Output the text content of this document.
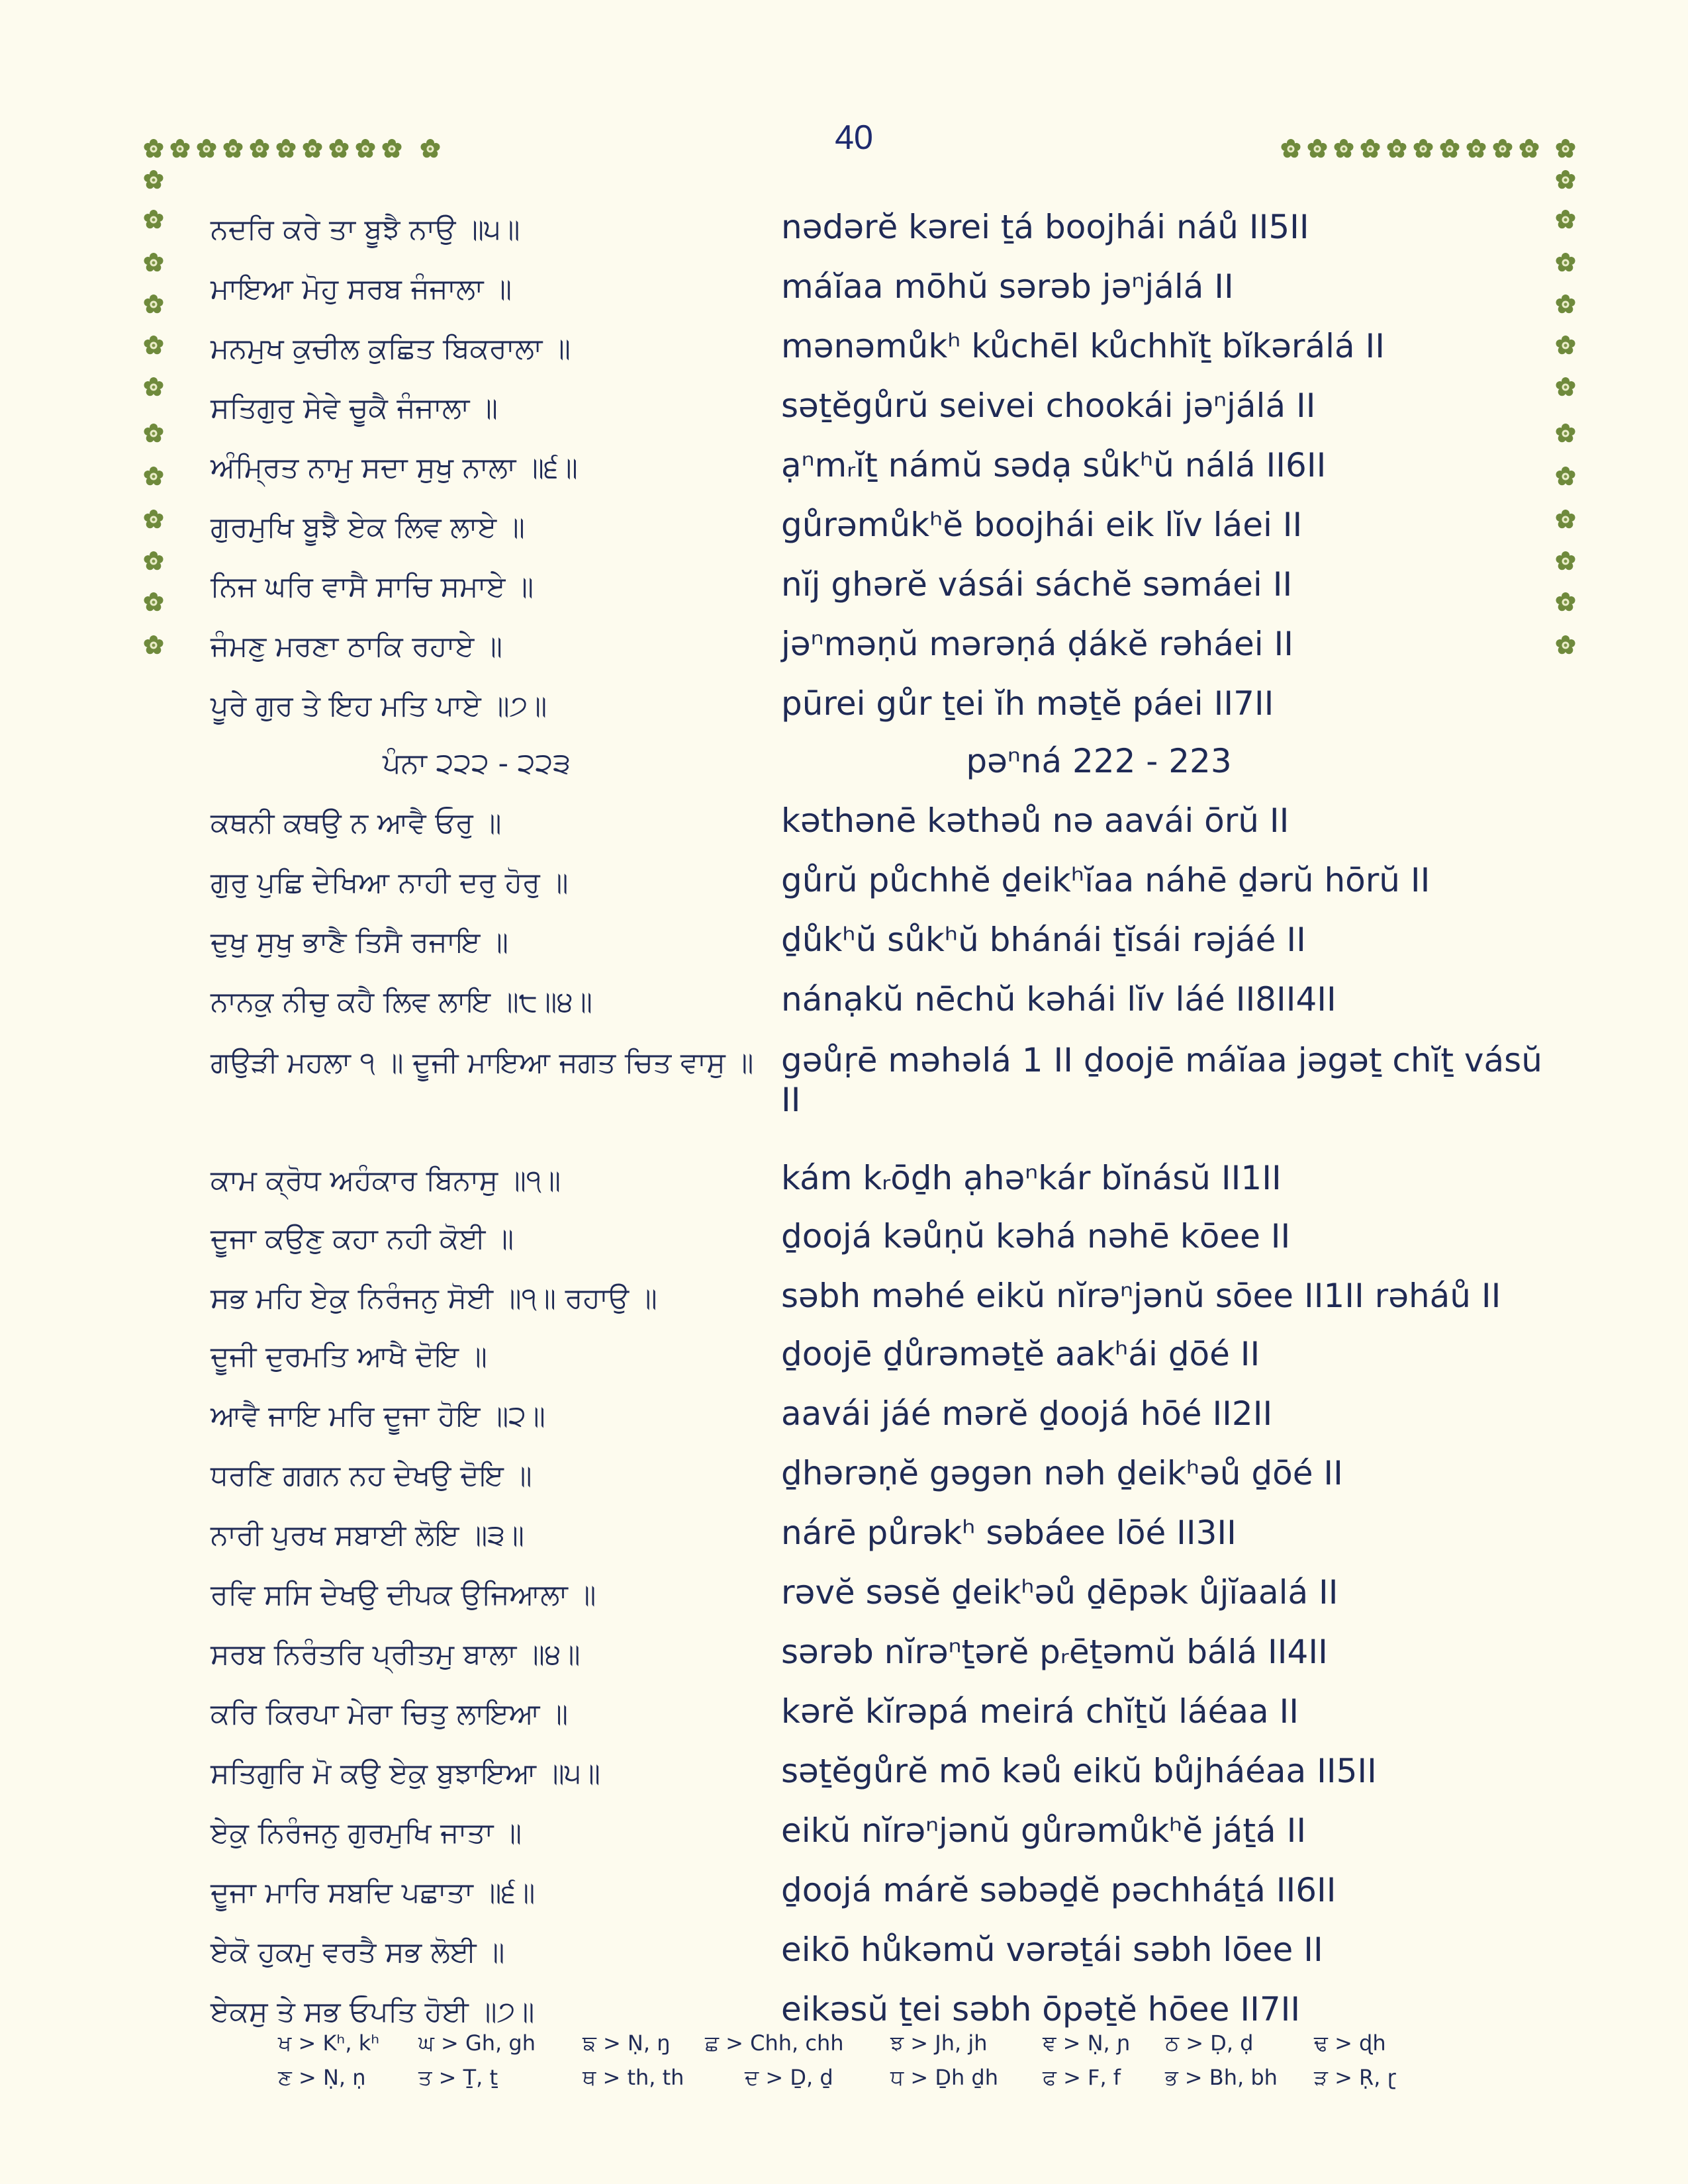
40
ਨਦਰਿ ਕਰੇ ਤਾ ਬੂਝੈ ਨਾਉ ॥੫॥	nədərĕ kərei ṯá boojhái náů II5II
ਮਾਇਆ ਮੋਹੁ ਸਰਬ ਜੰਜਾਲਾ ॥	máĭaa mōhŭ sərəb jəⁿjálá II
ਮਨਮੁਖ ਕੁਚੀਲ ਕੁਛਿਤ ਬਿਕਰਾਲਾ ॥	mənəmůkʰ kůchēl kůchhĭṯ bĭkərálá II
ਸਤਿਗੁਰੁ ਸੇਵੇ ਚੂਕੈ ਜੰਜਾਲਾ ॥	səṯĕgůrŭ seivei chookái jəⁿjálá II
ਅੰਮ੍ਰਿਤ ਨਾਮੁ ਸਦਾ ਸੁਖੁ ਨਾਲਾ ॥੬॥	ạⁿmᵣĭṯ námŭ sədạ sůkʰŭ nálá II6II
ਗੁਰਮੁਖਿ ਬੂਝੈ ਏਕ ਲਿਵ ਲਾਏ ॥	gůrəmůkʰĕ boojhái eik lĭv láei II
ਨਿਜ ਘਰਿ ਵਾਸੈ ਸਾਚਿ ਸਮਾਏ ॥	nĭj ghərĕ vásái sáchĕ səmáei II
ਜੰਮਣੁ ਮਰਣਾ ਠਾਕਿ ਰਹਾਏ ॥	jəⁿməṇŭ mərəṇá ḍákĕ rəháei II
ਪੂਰੇ ਗੁਰ ਤੇ ਇਹ ਮਤਿ ਪਾਏ ॥੭॥	pūrei gůr ṯei ĭh məṯĕ páei II7II
ਪੰਨਾ ੨੨੨ - ੨੨੩	pəⁿná 222 - 223
ਕਥਨੀ ਕਥਉ ਨ ਆਵੈ ਓਰੁ ॥	kəthənē kəthəů nə aavái ōrŭ II
ਗੁਰੁ ਪੁਛਿ ਦੇਖਿਆ ਨਾਹੀ ਦਰੁ ਹੋਰੁ ॥	gůrŭ půchhĕ ḏeikʰĭaa náhē ḏərŭ hōrŭ II
ਦੁਖੁ ਸੁਖੁ ਭਾਣੈ ਤਿਸੈ ਰਜਾਇ ॥	ḏůkʰŭ sůkʰŭ bhánái ṯĭsái rəjáé II
ਨਾਨਕੁ ਨੀਚੁ ਕਹੈ ਲਿਵ ਲਾਇ ॥੮॥੪॥	nánạkŭ nēchŭ kəhái lĭv láé II8II4II
ਗਉੜੀ ਮਹਲਾ ੧ ॥ ਦੂਜੀ ਮਾਇਆ ਜਗਤ ਚਿਤ ਵਾਸੁ ॥ gəůṛē məhəlá 1 II ḏoojē máĭaa jəgəṯ chĭṯ vásŭ II
ਕਾਮ ਕ੍ਰੋਧ ਅਹੰਕਾਰ ਬਿਨਾਸੁ ॥੧॥	kám kᵣōḏh ạhəⁿkár bĭnásŭ II1II
ਦੂਜਾ ਕਉਣੁ ਕਹਾ ਨਹੀ ਕੋਈ ॥	ḏoojá kəůṇŭ kəhá nəhē kōee II
ਸਭ ਮਹਿ ਏਕੁ ਨਿਰੰਜਨੁ ਸੋਈ ॥੧॥ ਰਹਾਉ ॥	səbh məhé eikŭ nĭrəⁿjənŭ sōee II1II rəháů II
ਦੂਜੀ ਦੁਰਮਤਿ ਆਖੈ ਦੋਇ ॥	ḏoojē ḏůrəməṯĕ aakʰái ḏōé II
ਆਵੈ ਜਾਇ ਮਰਿ ਦੂਜਾ ਹੋਇ ॥੨॥	aavái jáé mərĕ ḏoojá hōé II2II
ਧਰਣਿ ਗਗਨ ਨਹ ਦੇਖਉ ਦੋਇ ॥	ḏhərəṇĕ gəgən nəh ḏeikʰəů ḏōé II
ਨਾਰੀ ਪੁਰਖ ਸਬਾਈ ਲੋਇ ॥੩॥	nárē půrəkʰ səbáee lōé II3II
ਰਵਿ ਸਸਿ ਦੇਖਉ ਦੀਪਕ ਉਜਿਆਲਾ ॥	rəvĕ səsĕ ḏeikʰəů ḏēpək ůjĭaalá II
ਸਰਬ ਨਿਰੰਤਰਿ ਪ੍ਰੀਤਮੁ ਬਾਲਾ ॥੪॥	sərəb nĭrəⁿṯərĕ pᵣēṯəmŭ bálá II4II
ਕਰਿ ਕਿਰਪਾ ਮੇਰਾ ਚਿਤੁ ਲਾਇਆ ॥	kərĕ kĭrəpá meirá chĭṯŭ láéaa II
ਸਤਿਗੁਰਿ ਮੋ ਕਉ ਏਕੁ ਬੁਝਾਇਆ ॥੫॥	səṯĕgůrĕ mō kəů eikŭ bůjháéaa II5II
ਏਕੁ ਨਿਰੰਜਨੁ ਗੁਰਮੁਖਿ ਜਾਤਾ ॥	eikŭ nĭrəⁿjənŭ gůrəmůkʰĕ jáṯá II
ਦੂਜਾ ਮਾਰਿ ਸਬਦਿ ਪਛਾਤਾ ॥੬॥	ḏoojá márĕ səbəḏĕ pəchháṯá II6II
ਏਕੋ ਹੁਕਮੁ ਵਰਤੈ ਸਭ ਲੋਈ ॥	eikō hůkəmŭ vərəṯái səbh lōee II
ਏਕਸੁ ਤੇ ਸਭ ਓਪਤਿ ਹੋਈ ॥੭॥	eikəsŭ ṯei səbh ōpəṯĕ hōee II7II
ਖ > Kʰ, kʰ ਘ > Gh, gh ਙ > Ṇ, ŋ ਛ > Chh, chh ਝ > Jh, jh	ਞ > Ṇ, ɲ ਠ > Ḍ, ḍ	ਢ > ɖh
ਣ > Ṇ, ṇ ਤ > Ṯ, ṯ	ਥ > th, th	ਦ > Ḏ, ḏ	ਧ > Ḏh ḏh ਫ > F, f ਭ > Bh, bh ੜ > Ṛ, ɽ
